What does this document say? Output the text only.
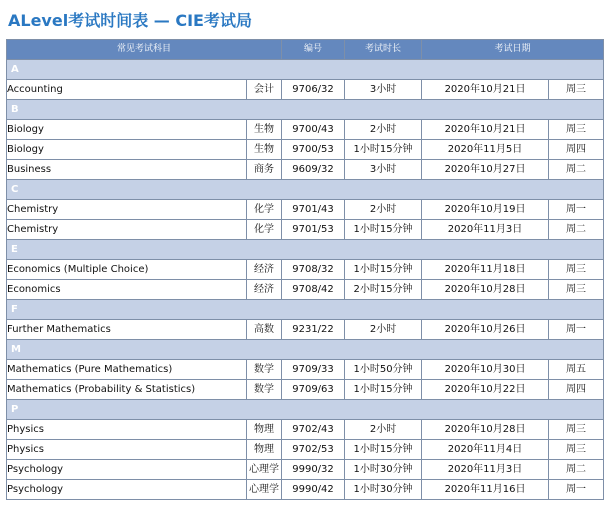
ALevel考试时间表 — CIE考试局
常见考试科目		编号	考试时长	考试日期	
A					
Accounting	会计	9706/32	3小时	2020年10月21日	周三
B					
Biology	生物	9700/43	2小时	2020年10月21日	周三
Biology	生物	9700/53	1小时15分钟	2020年11月5日	周四
Business	商务	9609/32	3小时	2020年10月27日	周二
C					
Chemistry	化学	9701/43	2小时	2020年10月19日	周一
Chemistry	化学	9701/53	1小时15分钟	2020年11月3日	周二
E					
Economics (Multiple Choice)	经济	9708/32	1小时15分钟	2020年11月18日	周三
Economics	经济	9708/42	2小时15分钟	2020年10月28日	周三
F					
Further Mathematics	高数	9231/22	2小时	2020年10月26日	周一
M					
Mathematics (Pure Mathematics)	数学	9709/33	1小时50分钟	2020年10月30日	周五
Mathematics (Probability & Statistics)	数学	9709/63	1小时15分钟	2020年10月22日	周四
P					
Physics	物理	9702/43	2小时	2020年10月28日	周三
Physics	物理	9702/53	1小时15分钟	2020年11月4日	周三
Psychology	心理学	9990/32	1小时30分钟	2020年11月3日	周二
Psychology	心理学	9990/42	1小时30分钟	2020年11月16日	周一
